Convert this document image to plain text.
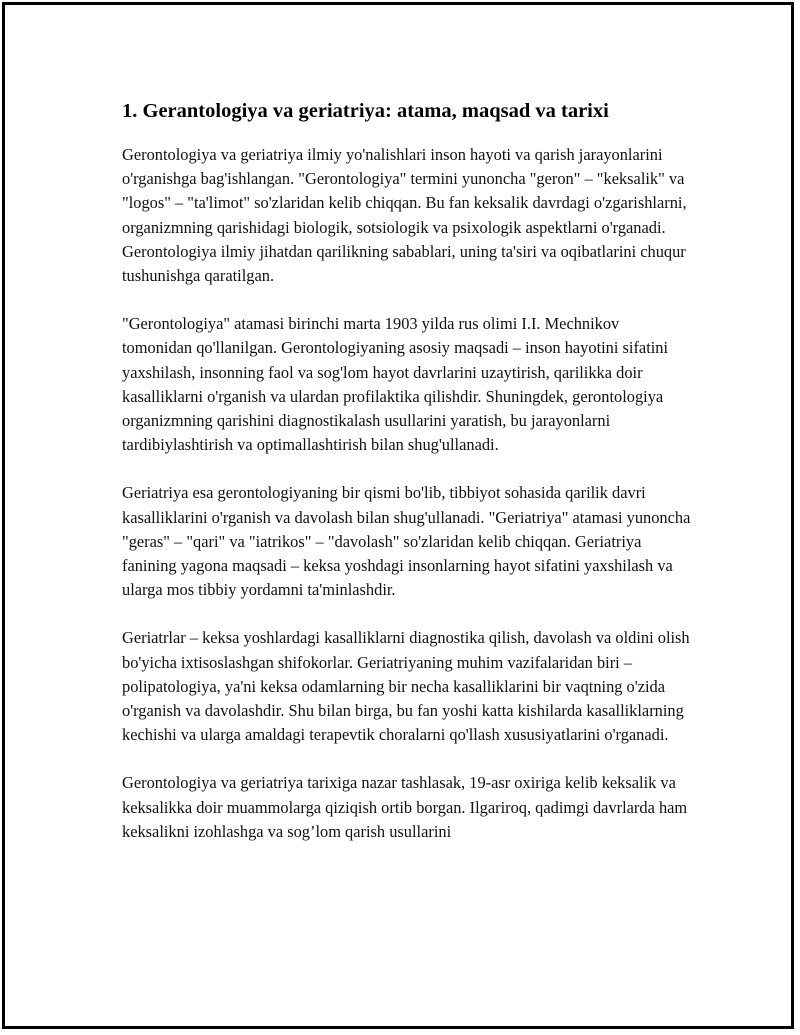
1. Gerantologiya va geriatriya: atama, maqsad va tarixi

Gerontologiya va geriatriya ilmiy yo'nalishlari inson hayoti va qarish jarayonlarini o'rganishga bag'ishlangan. "Gerontologiya" termini yunoncha "geron" – "keksalik" va "logos" – "ta'limot" so'zlaridan kelib chiqqan. Bu fan keksalik davrdagi o'zgarishlarni, organizmning qarishidagi biologik, sotsiologik va psixologik aspektlarni o'rganadi. Gerontologiya ilmiy jihatdan qarilikning sabablari, uning ta'siri va oqibatlarini chuqur tushunishga qaratilgan.

"Gerontologiya" atamasi birinchi marta 1903 yilda rus olimi I.I. Mechnikov tomonidan qo'llanilgan. Gerontologiyaning asosiy maqsadi – inson hayotini sifatini yaxshilash, insonning faol va sog'lom hayot davrlarini uzaytirish, qarilikka doir kasalliklarni o'rganish va ulardan profilaktika qilishdir. Shuningdek, gerontologiya organizmning qarishini diagnostikalash usullarini yaratish, bu jarayonlarni tardibiylashtirish va optimallashtirish bilan shug'ullanadi.

Geriatriya esa gerontologiyaning bir qismi bo'lib, tibbiyot sohasida qarilik davri kasalliklarini o'rganish va davolash bilan shug'ullanadi. "Geriatriya" atamasi yunoncha "geras" – "qari" va "iatrikos" – "davolash" so'zlaridan kelib chiqqan. Geriatriya fanining yagona maqsadi – keksa yoshdagi insonlarning hayot sifatini yaxshilash va ularga mos tibbiy yordamni ta'minlashdir.

Geriatrlar – keksa yoshlardagi kasalliklarni diagnostika qilish, davolash va oldini olish bo'yicha ixtisoslashgan shifokorlar. Geriatriyaning muhim vazifalaridan biri – polipatologiya, ya'ni keksa odamlarning bir necha kasalliklarini bir vaqtning o'zida o'rganish va davolashdir. Shu bilan birga, bu fan yoshi katta kishilarda kasalliklarning kechishi va ularga amaldagi terapevtik choralarni qo'llash xususiyatlarini o'rganadi.

Gerontologiya va geriatriya tarixiga nazar tashlasak, 19-asr oxiriga kelib keksalik va keksalikka doir muammolarga qiziqish ortib borgan. Ilgariroq, qadimgi davrlarda ham keksalikni izohlashga va sog’lom qarish usullarini
